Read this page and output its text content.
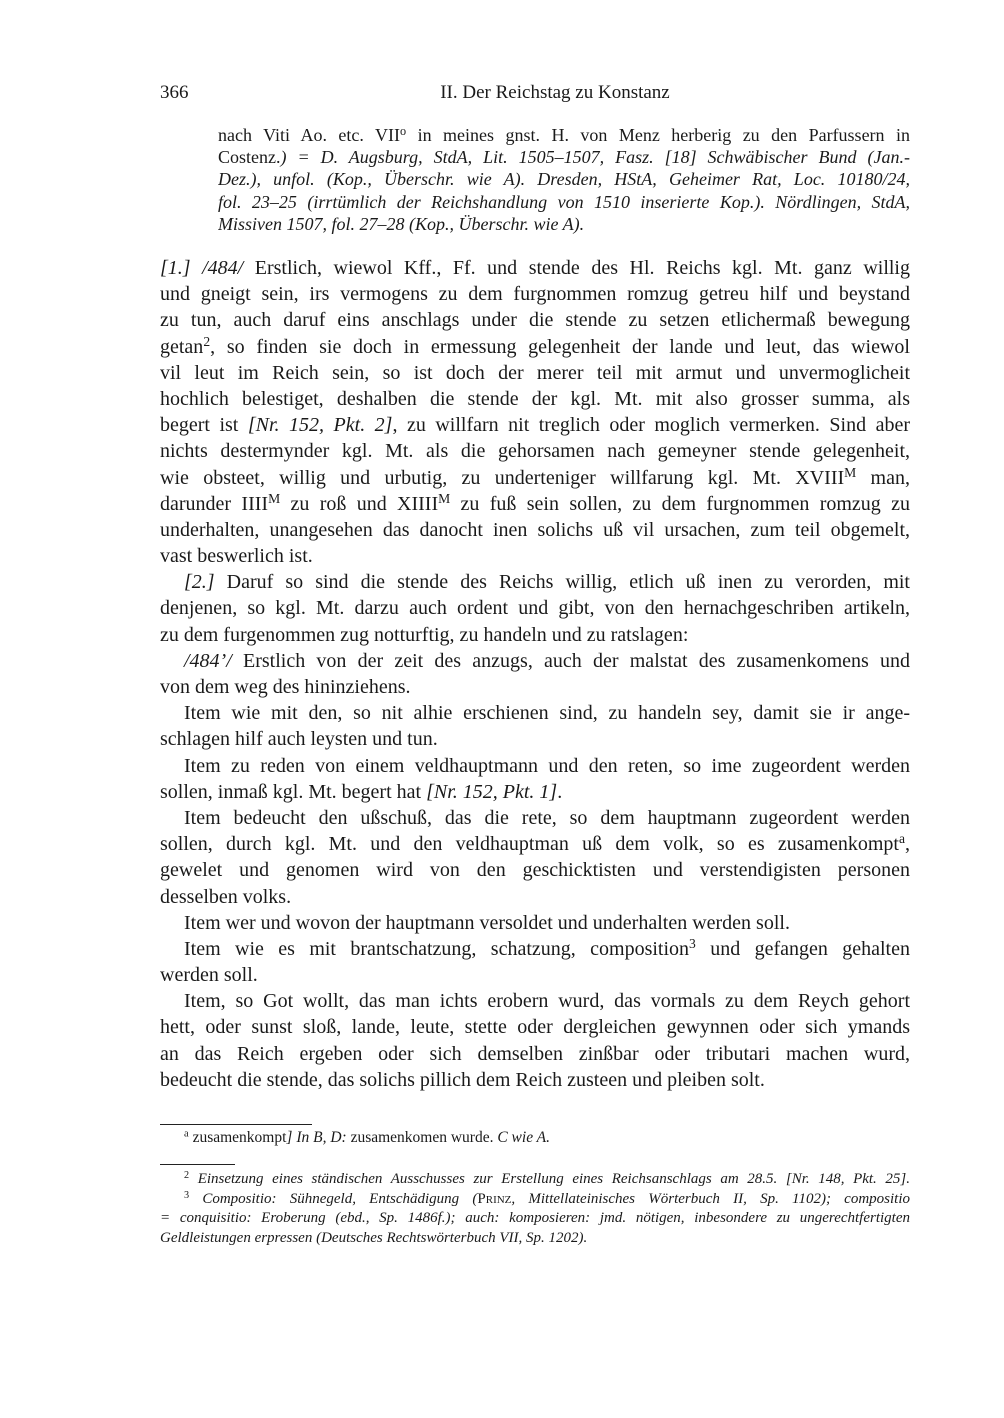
366	II. Der Reichstag zu Konstanz
nach Viti Ao. etc. VII$^o$ in meines gnst. H. von Menz herberig zu den Parfussern in
Costenz.) = D. Augsburg, StdA, Lit. 1505–1507, Fasz. [18] Schwäbischer Bund (Jan.-
Dez.), unfol. (Kop., Überschr. wie A). Dresden, HStA, Geheimer Rat, Loc. 10180/24,
fol. 23–25 (irrtümlich der Reichshandlung von 1510 inserierte Kop.). Nördlingen, StdA,
Missiven 1507, fol. 27–28 (Kop., Überschr. wie A).
[1.] /484/ Erstlich, wiewol Kff., Ff. und stende des Hl. Reichs kgl. Mt. ganz willig
und gneigt sein, irs vermogens zu dem furgnommen romzug getreu hilf und beystand
zu tun, auch daruf eins anschlags under die stende zu setzen etlichermaß bewegung
getan$^2$, so finden sie doch in ermessung gelegenheit der lande und leut, das wiewol
vil leut im Reich sein, so ist doch der merer teil mit armut und unvermoglicheit
hochlich belestiget, deshalben die stende der kgl. Mt. mit also grosser summa, als
begert ist [Nr. 152, Pkt. 2], zu willfarn nit treglich oder moglich vermerken. Sind aber
nichts destermynder kgl. Mt. als die gehorsamen nach gemeyner stende gelegenheit,
wie obsteet, willig und urbutig, zu underteniger willfarung kgl. Mt. $XVIII^M$ man,
darunder $IIII^M$ zu roß und $XIIII^M$ zu fuß sein sollen, zu dem furgnommen romzug zu
underhalten, unangesehen das danocht inen solichs uß vil ursachen, zum teil obgemelt,
vast beswerlich ist.
[2.] Daruf so sind die stende des Reichs willig, etlich uß inen zu verorden, mit
denjenen, so kgl. Mt. darzu auch ordent und gibt, von den hernachgeschriben artikeln,
zu dem furgenommen zug notturftig, zu handeln und zu ratslagen:
/484’/ Erstlich von der zeit des anzugs, auch der malstat des zusamenkomens und
von dem weg des hininziehens.
Item wie mit den, so nit alhie erschienen sind, zu handeln sey, damit sie ir ange-
schlagen hilf auch leysten und tun.
Item zu reden von einem veldhauptmann und den reten, so ime zugeordent werden
sollen, inmaß kgl. Mt. begert hat [Nr. 152, Pkt. 1].
Item bedeucht den ußschuß, das die rete, so dem hauptmann zugeordent werden
sollen, durch kgl. Mt. und den veldhauptman uß dem volk, so es zusamenkompt$^a$,
gewelet und genomen wird von den geschicktisten und verstendigisten personen
desselben volks.
Item wer und wovon der hauptmann versoldet und underhalten werden soll.
Item wie es mit brantschatzung, schatzung, composition$^3$ und gefangen gehalten
werden soll.
Item, so Got wollt, das man ichts erobern wurd, das vormals zu dem Reych gehort
hett, oder sunst sloß, lande, leute, stette oder dergleichen gewynnen oder sich ymands
an das Reich ergeben oder sich demselben zinßbar oder tributari machen wurd,
bedeucht die stende, das solichs pillich dem Reich zusteen und pleiben solt.
$^a$ zusamenkompt] In B, D: zusamenkomen wurde. C wie A.
$^2$ Einsetzung eines ständischen Ausschusses zur Erstellung eines Reichsanschlags am 28.5. [Nr. 148, Pkt. 25].
$^3$ Compositio: Sühnegeld, Entschädigung (Prinz, Mittellateinisches Wörterbuch II, Sp. 1102); compositio
= conquisitio: Eroberung (ebd., Sp. 1486f.); auch: komposieren: jmd. nötigen, inbesondere zu ungerechtfertigten
Geldleistungen erpressen (Deutsches Rechtswörterbuch VII, Sp. 1202).
